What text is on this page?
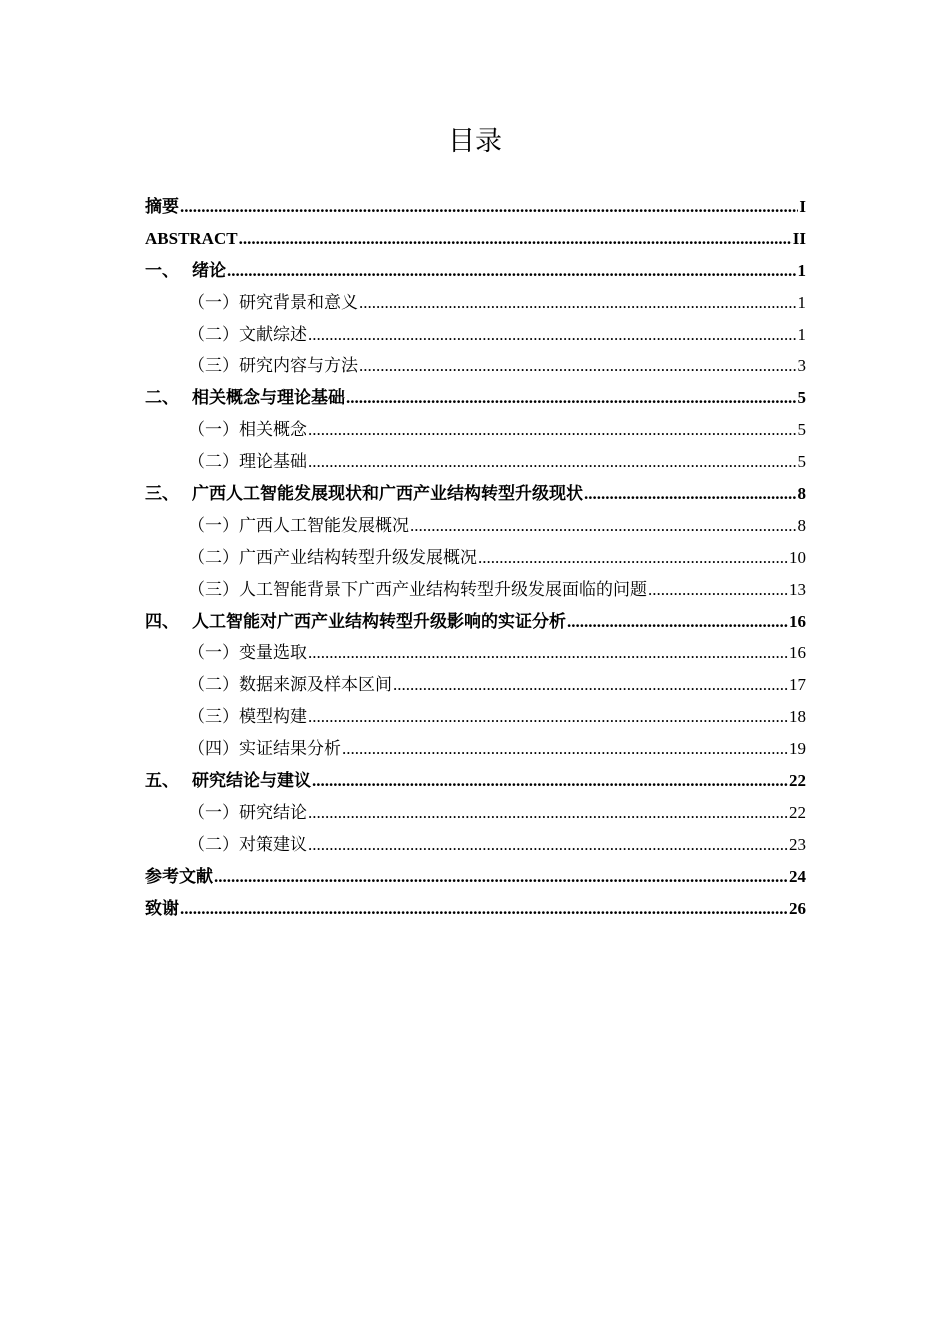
目录
摘要 .....	I
ABSTRACT .....	II
一、 绪论 .....	1
（一）研究背景和意义 .....	1
（二）文献综述 .....	1
（三）研究内容与方法 .....	3
二、 相关概念与理论基础 .....	5
（一）相关概念 .....	5
（二）理论基础 .....	5
三、 广西人工智能发展现状和广西产业结构转型升级现状 .....	8
（一）广西人工智能发展概况 .....	8
（二）广西产业结构转型升级发展概况 .....	10
（三）人工智能背景下广西产业结构转型升级发展面临的问题 .....	13
四、 人工智能对广西产业结构转型升级影响的实证分析 .....	16
（一）变量选取 .....	16
（二）数据来源及样本区间 .....	17
（三）模型构建 .....	18
（四）实证结果分析 .....	19
五、 研究结论与建议 .....	22
（一）研究结论 .....	22
（二）对策建议 .....	23
参考文献 .....	24
致谢 .....	26
